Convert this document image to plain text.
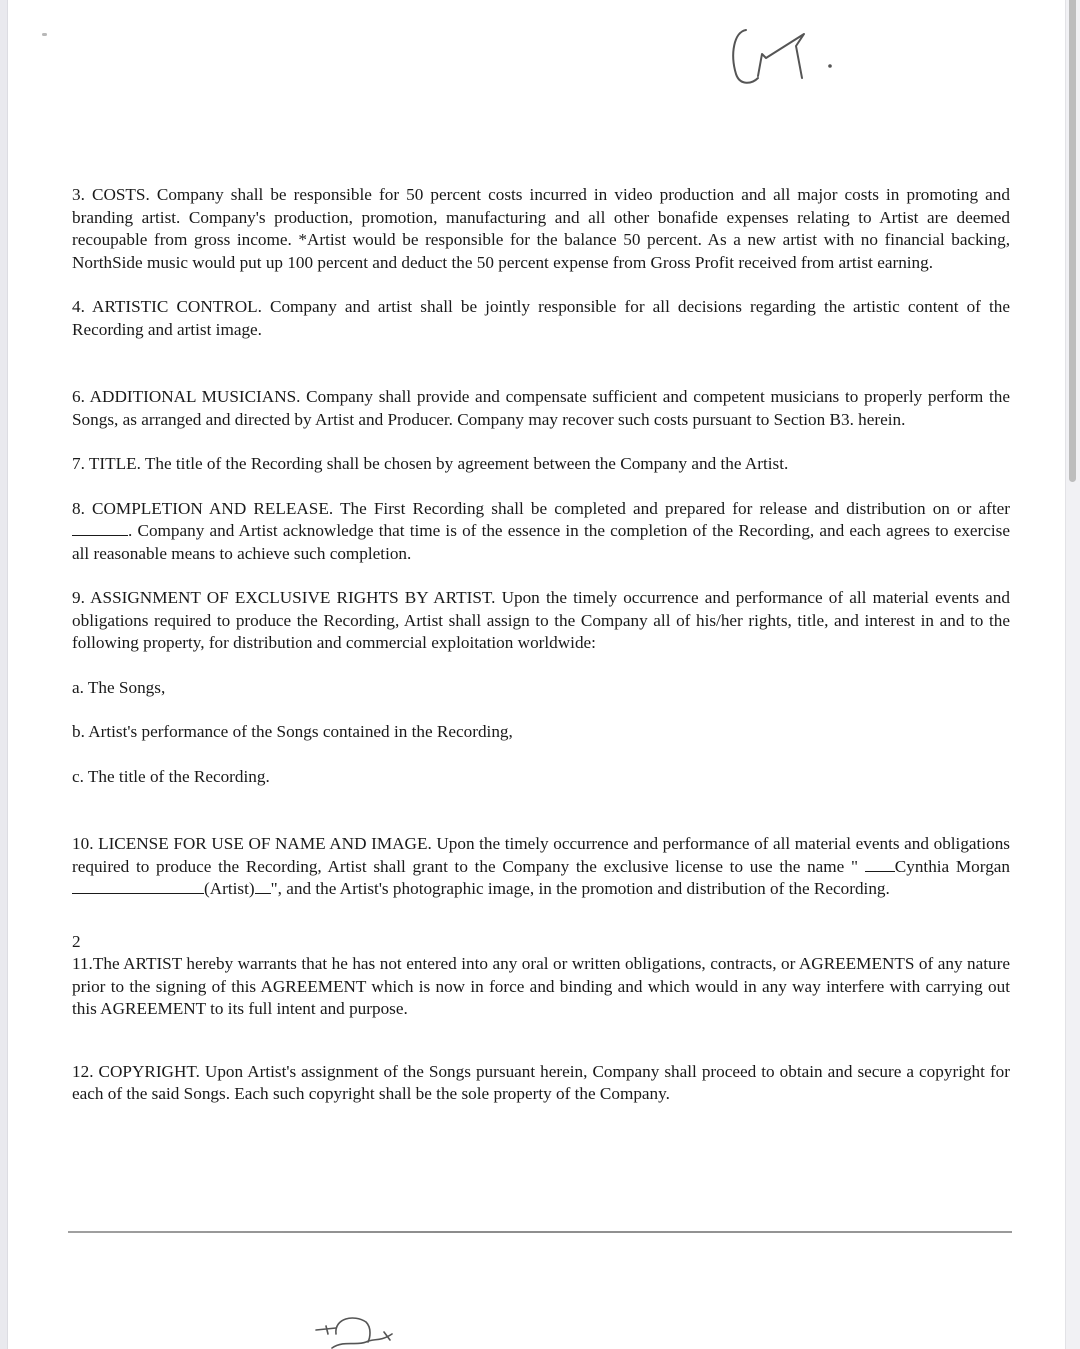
3. COSTS. Company shall be responsible for 50 percent costs incurred in video production and all major costs in promoting and branding artist. Company's production, promotion, manufacturing and all other bonafide expenses relating to Artist are deemed recoupable from gross income. *Artist would be responsible for the balance 50 percent. As a new artist with no financial backing, NorthSide music would put up 100 percent and deduct the 50 percent expense from Gross Profit received from artist earning.

4. ARTISTIC CONTROL. Company and artist shall be jointly responsible for all decisions regarding the artistic content of the Recording and artist image.

6. ADDITIONAL MUSICIANS. Company shall provide and compensate sufficient and competent musicians to properly perform the Songs, as arranged and directed by Artist and Producer. Company may recover such costs pursuant to Section B3. herein.

7. TITLE. The title of the Recording shall be chosen by agreement between the Company and the Artist.

8. COMPLETION AND RELEASE. The First Recording shall be completed and prepared for release and distribution on or after. Company and Artist acknowledge that time is of the essence in the completion of the Recording, and each agrees to exercise all reasonable means to achieve such completion.

9. ASSIGNMENT OF EXCLUSIVE RIGHTS BY ARTIST. Upon the timely occurrence and performance of all material events and obligations required to produce the Recording, Artist shall assign to the Company all of his/her rights, title, and interest in and to the following property, for distribution and commercial exploitation worldwide:

a. The Songs,

b. Artist's performance of the Songs contained in the Recording,

c. The title of the Recording.

10. LICENSE FOR USE OF NAME AND IMAGE. Upon the timely occurrence and performance of all material events and obligations required to produce the Recording, Artist shall grant to the Company the exclusive license to use the name " Cynthia Morgan (Artist) ", and the Artist's photographic image, in the promotion and distribution of the Recording.

2

11.The ARTIST hereby warrants that he has not entered into any oral or written obligations, contracts, or AGREEMENTS of any nature prior to the signing of this AGREEMENT which is now in force and binding and which would in any way interfere with carrying out this AGREEMENT to its full intent and purpose.

12. COPYRIGHT. Upon Artist's assignment of the Songs pursuant herein, Company shall proceed to obtain and secure a copyright for each of the said Songs. Each such copyright shall be the sole property of the Company.
